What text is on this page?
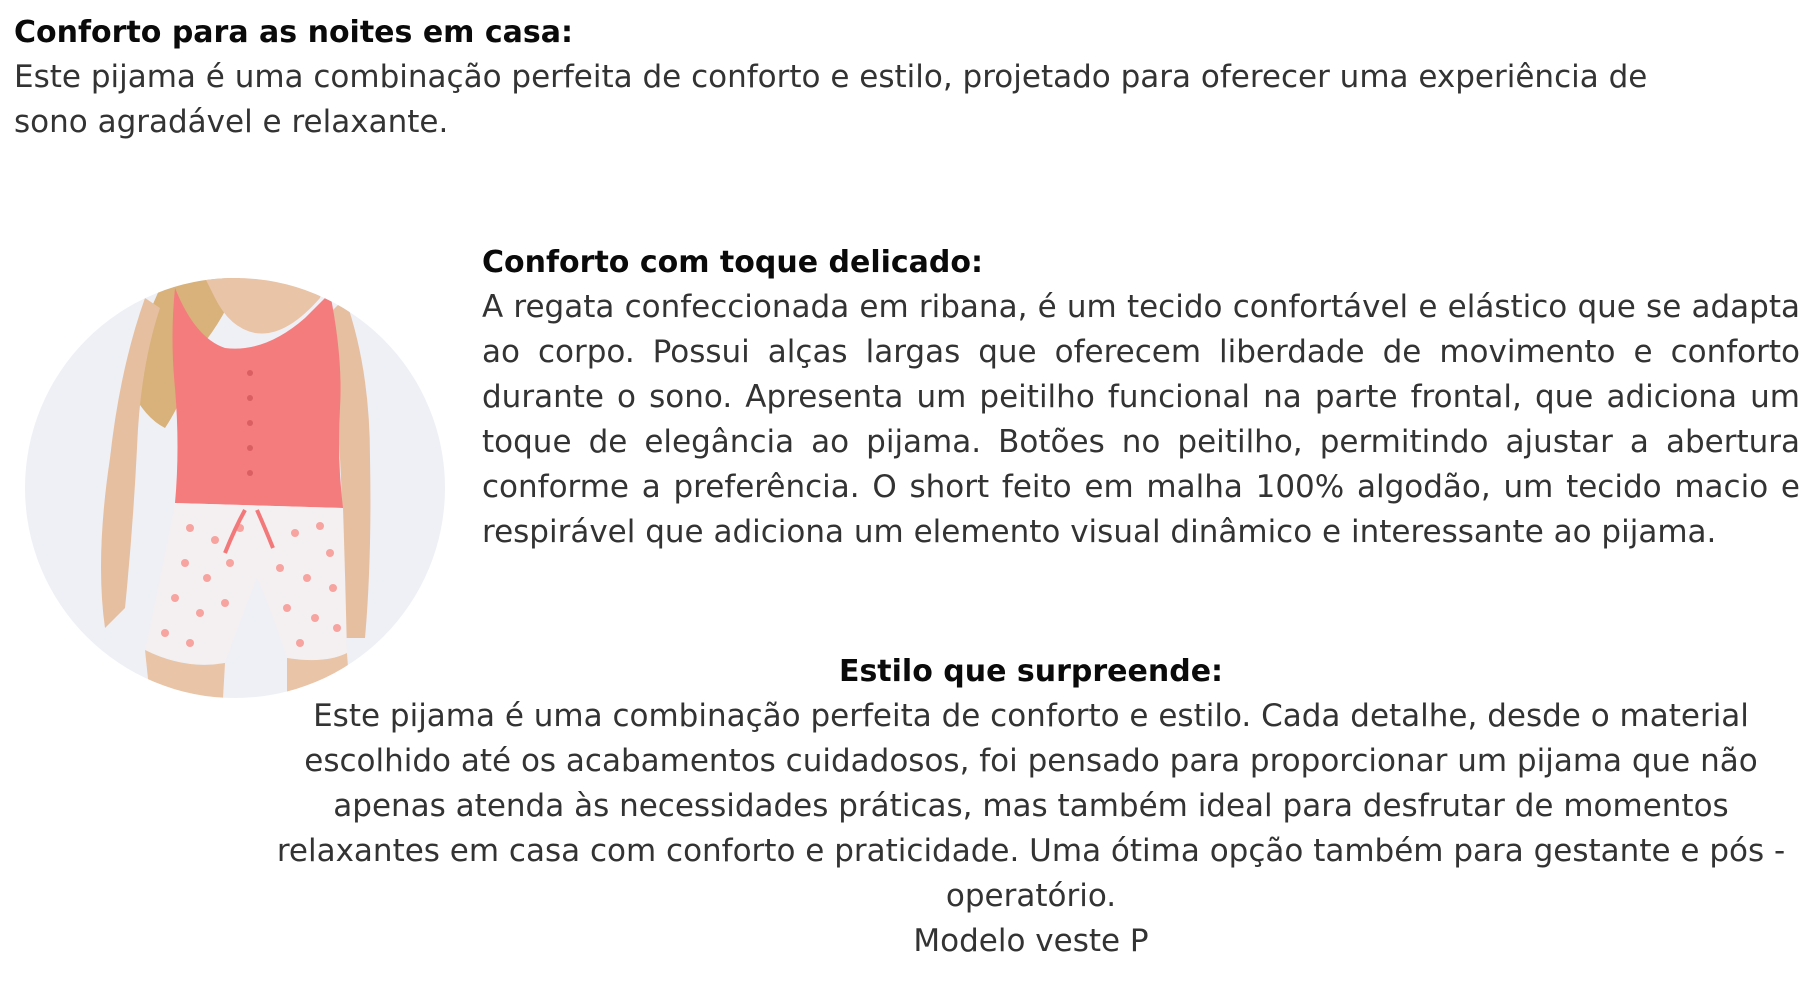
Conforto para as noites em casa:

Este pijama é uma combinação perfeita de conforto e estilo, projetado para oferecer uma experiência de sono agradável e relaxante.

Conforto com toque delicado:

A regata confeccionada em ribana, é um tecido confortável e elástico que se adapta ao corpo. Possui alças largas que oferecem liberdade de movimento e conforto durante o sono. Apresenta um peitilho funcional na parte frontal, que adiciona um toque de elegância ao pijama. Botões no peitilho, permitindo ajustar a abertura conforme a preferência. O short feito em malha 100% algodão, um tecido macio e respirável que adiciona um elemento visual dinâmico e interessante ao pijama.

Estilo que surpreende:

Este pijama é uma combinação perfeita de conforto e estilo. Cada detalhe, desde o material escolhido até os acabamentos cuidadosos, foi pensado para proporcionar um pijama que não apenas atenda às necessidades práticas, mas também ideal para desfrutar de momentos relaxantes em casa com conforto e praticidade. Uma ótima opção também para gestante e pós - operatório.
Modelo veste P
